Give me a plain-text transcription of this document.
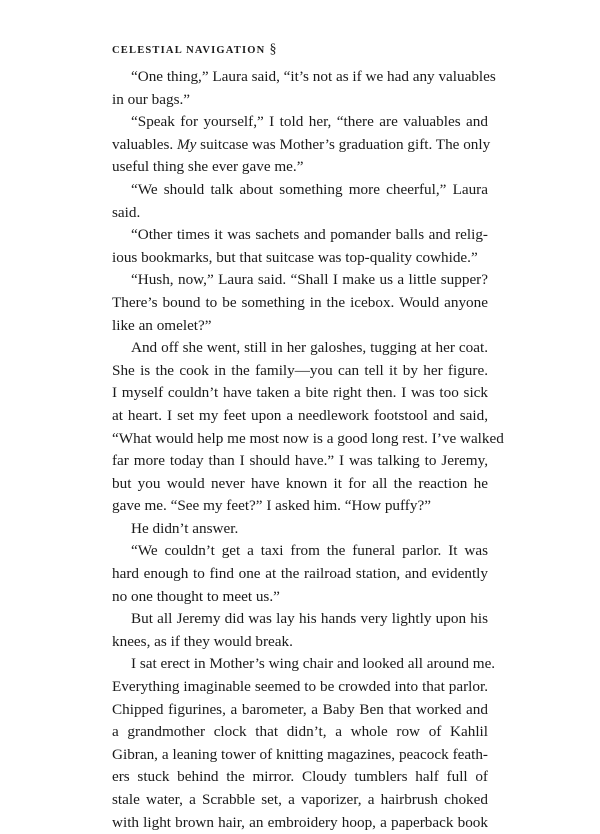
CELESTIAL NAVIGATION §
“One thing,” Laura said, “it’s not as if we had any valuables
in our bags.”
“Speak for yourself,” I told her, “there are valuables and
valuables. My suitcase was Mother’s graduation gift. The only
useful thing she ever gave me.”
“We should talk about something more cheerful,” Laura
said.
“Other times it was sachets and pomander balls and relig-
ious bookmarks, but that suitcase was top-quality cowhide.”
“Hush, now,” Laura said. “Shall I make us a little supper?
There’s bound to be something in the icebox. Would anyone
like an omelet?”
And off she went, still in her galoshes, tugging at her coat.
She is the cook in the family—you can tell it by her figure.
I myself couldn’t have taken a bite right then. I was too sick
at heart. I set my feet upon a needlework footstool and said,
“What would help me most now is a good long rest. I’ve walked
far more today than I should have.” I was talking to Jeremy,
but you would never have known it for all the reaction he
gave me. “See my feet?” I asked him. “How puffy?”
He didn’t answer.
“We couldn’t get a taxi from the funeral parlor. It was
hard enough to find one at the railroad station, and evidently
no one thought to meet us.”
But all Jeremy did was lay his hands very lightly upon his
knees, as if they would break.
I sat erect in Mother’s wing chair and looked all around me.
Everything imaginable seemed to be crowded into that parlor.
Chipped figurines, a barometer, a Baby Ben that worked and
a grandmother clock that didn’t, a whole row of Kahlil
Gibran, a leaning tower of knitting magazines, peacock feath-
ers stuck behind the mirror. Cloudy tumblers half full of
stale water, a Scrabble set, a vaporizer, a hairbrush choked
with light brown hair, an embroidery hoop, a paperback book
